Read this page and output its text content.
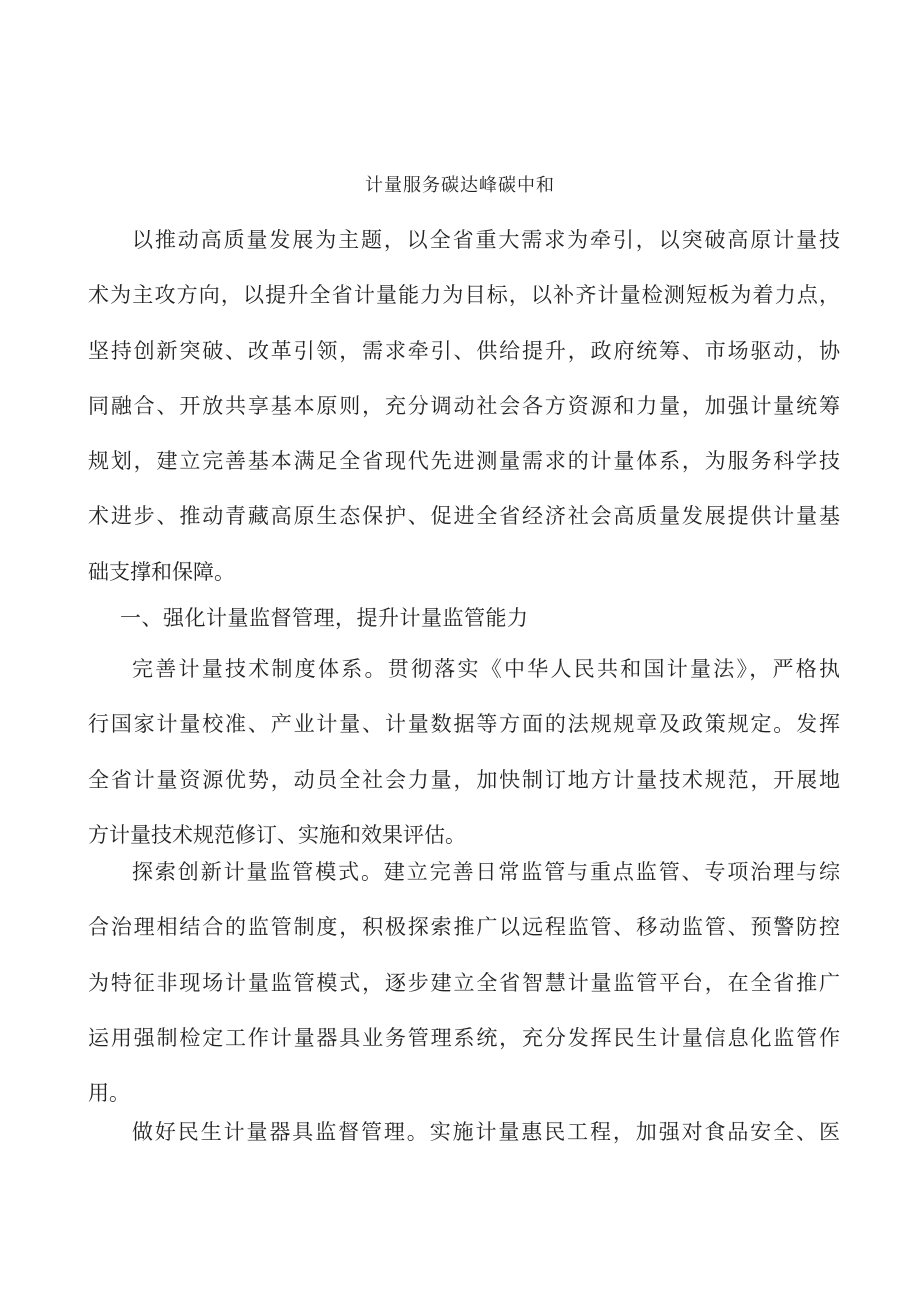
计量服务碳达峰碳中和
以推动高质量发展为主题，以全省重大需求为牵引，以突破高原计量技
术为主攻方向，以提升全省计量能力为目标，以补齐计量检测短板为着力点，
坚持创新突破、改革引领，需求牵引、供给提升，政府统筹、市场驱动，协
同融合、开放共享基本原则，充分调动社会各方资源和力量，加强计量统筹
规划，建立完善基本满足全省现代先进测量需求的计量体系，为服务科学技
术进步、推动青藏高原生态保护、促进全省经济社会高质量发展提供计量基
础支撑和保障。
一、强化计量监督管理，提升计量监管能力
完善计量技术制度体系。贯彻落实《中华人民共和国计量法》，严格执
行国家计量校准、产业计量、计量数据等方面的法规规章及政策规定。发挥
全省计量资源优势，动员全社会力量，加快制订地方计量技术规范，开展地
方计量技术规范修订、实施和效果评估。
探索创新计量监管模式。建立完善日常监管与重点监管、专项治理与综
合治理相结合的监管制度，积极探索推广以远程监管、移动监管、预警防控
为特征非现场计量监管模式，逐步建立全省智慧计量监管平台，在全省推广
运用强制检定工作计量器具业务管理系统，充分发挥民生计量信息化监管作
用。
做好民生计量器具监督管理。实施计量惠民工程，加强对食品安全、医
